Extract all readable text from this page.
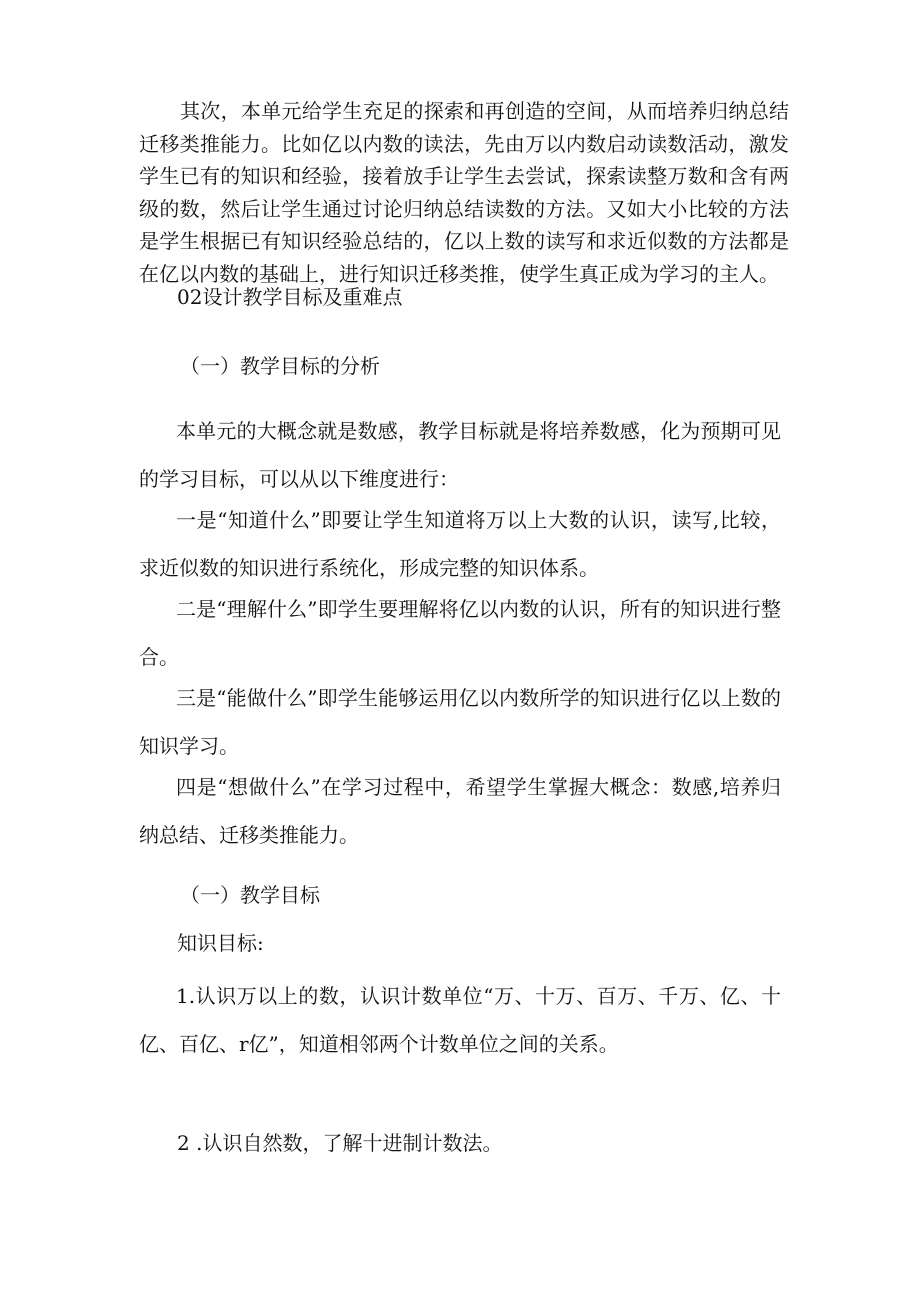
其次，本单元给学生充足的探索和再创造的空间，从而培养归纳总结迁移类推能力。比如亿以内数的读法，先由万以内数启动读数活动，激发学生已有的知识和经验，接着放手让学生去尝试，探索读整万数和含有两级的数，然后让学生通过讨论归纳总结读数的方法。又如大小比较的方法是学生根据已有知识经验总结的，亿以上数的读写和求近似数的方法都是在亿以内数的基础上，进行知识迁移类推，使学生真正成为学习的主人。

02设计教学目标及重难点

（一）教学目标的分析

本单元的大概念就是数感，教学目标就是将培养数感，化为预期可见的学习目标，可以从以下维度进行：

一是“知道什么”即要让学生知道将万以上大数的认识，读写,比较，求近似数的知识进行系统化，形成完整的知识体系。

二是“理解什么”即学生要理解将亿以内数的认识，所有的知识进行整合。

三是“能做什么”即学生能够运用亿以内数所学的知识进行亿以上数的知识学习。

四是“想做什么”在学习过程中，希望学生掌握大概念：数感,培养归纳总结、迁移类推能力。

（一）教学目标

知识目标:

1.认识万以上的数，认识计数单位“万、十万、百万、千万、亿、十亿、百亿、r亿”，知道相邻两个计数单位之间的关系。

2 .认识自然数，了解十进制计数法。
